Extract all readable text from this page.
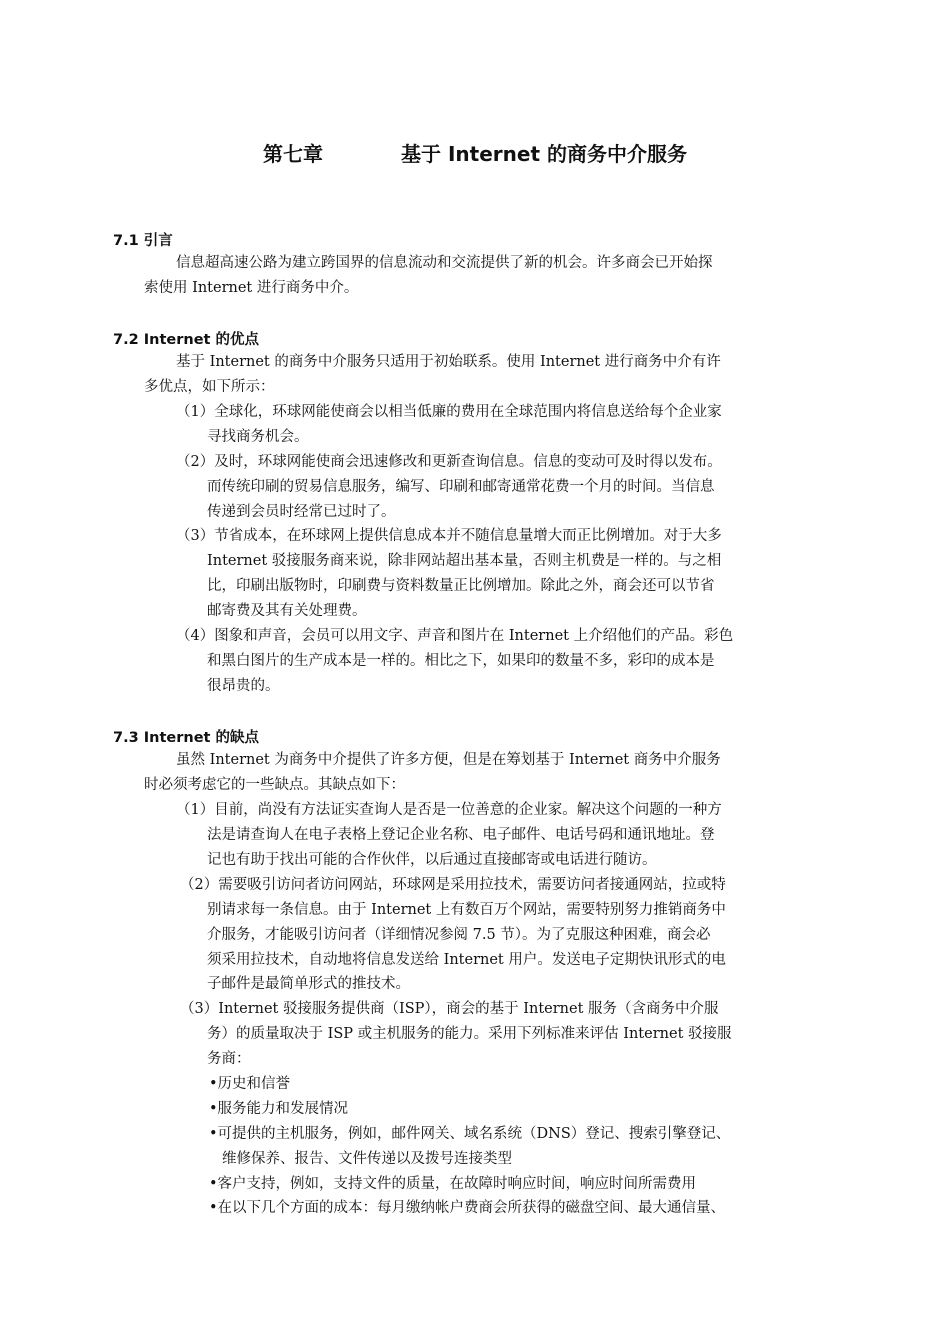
第七章	基于 Internet 的商务中介服务
7.1 引言
信息超高速公路为建立跨国界的信息流动和交流提供了新的机会。许多商会已开始探
索使用 Internet 进行商务中介。
7.2 Internet 的优点
基于 Internet 的商务中介服务只适用于初始联系。使用 Internet 进行商务中介有许
多优点，如下所示：
（1）全球化，环球网能使商会以相当低廉的费用在全球范围内将信息送给每个企业家
寻找商务机会。
（2）及时，环球网能使商会迅速修改和更新查询信息。信息的变动可及时得以发布。
而传统印刷的贸易信息服务，编写、印刷和邮寄通常花费一个月的时间。当信息
传递到会员时经常已过时了。
（3）节省成本，在环球网上提供信息成本并不随信息量增大而正比例增加。对于大多
Internet 驳接服务商来说，除非网站超出基本量，否则主机费是一样的。与之相
比，印刷出版物时，印刷费与资料数量正比例增加。除此之外，商会还可以节省
邮寄费及其有关处理费。
（4）图象和声音，会员可以用文字、声音和图片在 Internet 上介绍他们的产品。彩色
和黑白图片的生产成本是一样的。相比之下，如果印的数量不多，彩印的成本是
很昂贵的。
7.3 Internet 的缺点
虽然 Internet 为商务中介提供了许多方便，但是在筹划基于 Internet 商务中介服务
时必须考虑它的一些缺点。其缺点如下：
（1）目前，尚没有方法证实查询人是否是一位善意的企业家。解决这个问题的一种方
法是请查询人在电子表格上登记企业名称、电子邮件、电话号码和通讯地址。登
记也有助于找出可能的合作伙伴，以后通过直接邮寄或电话进行随访。
（2）需要吸引访问者访问网站，环球网是采用拉技术，需要访问者接通网站，拉或特
别请求每一条信息。由于 Internet 上有数百万个网站，需要特别努力推销商务中
介服务，才能吸引访问者（详细情况参阅 7.5 节）。为了克服这种困难，商会必
须采用拉技术，自动地将信息发送给 Internet 用户。发送电子定期快讯形式的电
子邮件是最简单形式的推技术。
（3）Internet 驳接服务提供商（ISP），商会的基于 Internet 服务（含商务中介服
务）的质量取决于 ISP 或主机服务的能力。采用下列标准来评估 Internet 驳接服
务商：
•历史和信誉
•服务能力和发展情况
•可提供的主机服务，例如，邮件网关、域名系统（DNS）登记、搜索引擎登记、
维修保养、报告、文件传递以及拨号连接类型
•客户支持，例如，支持文件的质量，在故障时响应时间，响应时间所需费用
•在以下几个方面的成本：每月缴纳帐户费商会所获得的磁盘空间、最大通信量、
